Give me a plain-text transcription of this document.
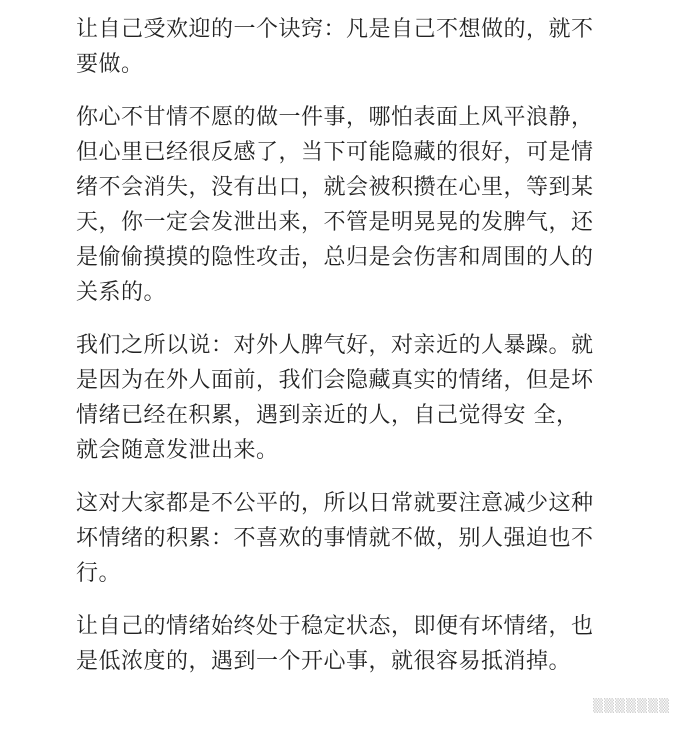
让自己受欢迎的一个诀窍：凡是自己不想做的，就不要做。

你心不甘情不愿的做一件事，哪怕表面上风平浪静，但心里已经很反感了，当下可能隐藏的很好，可是情绪不会消失，没有出口，就会被积攒在心里，等到某天，你一定会发泄出来，不管是明晃晃的发脾气，还是偷偷摸摸的隐性攻击，总归是会伤害和周围的人的关系的。

我们之所以说：对外人脾气好，对亲近的人暴躁。就是因为在外人面前，我们会隐藏真实的情绪，但是坏情绪已经在积累，遇到亲近的人，自己觉得安 全，就会随意发泄出来。

这对大家都是不公平的，所以日常就要注意减少这种坏情绪的积累：不喜欢的事情就不做，别人强迫也不行。

让自己的情绪始终处于稳定状态，即便有坏情绪，也是低浓度的，遇到一个开心事，就很容易抵消掉。

▒▒▒▒▒▒▒
